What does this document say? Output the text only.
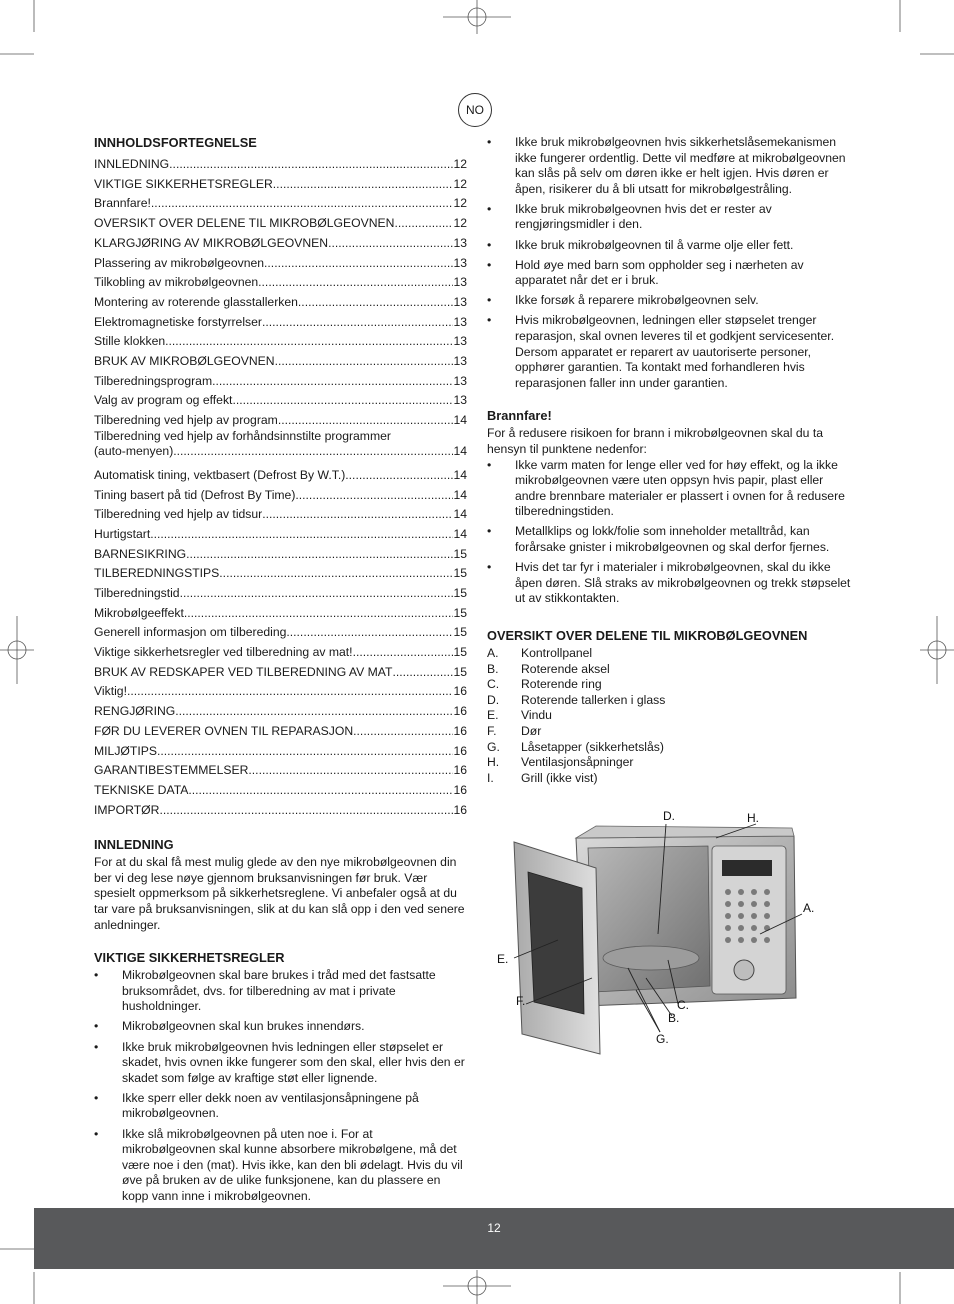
NO
INNHOLDSFORTEGNELSE
INNLEDNING .....	12
VIKTIGE SIKKERHETSREGLER .....	12
Brannfare! .....	12
OVERSIKT OVER DELENE TIL MIKROBØLGEOVNEN .....	12
KLARGJØRING AV MIKROBØLGEOVNEN .....	13
Plassering av mikrobølgeovnen .....	13
Tilkobling av mikrobølgeovnen .....	13
Montering av roterende glasstallerken .....	13
Elektromagnetiske forstyrrelser .....	13
Stille klokken .....	13
BRUK AV MIKROBØLGEOVNEN .....	13
Tilberedningsprogram .....	13
Valg av program og effekt .....	13
Tilberedning ved hjelp av program .....	14
Tilberedning ved hjelp av forhåndsinnstilte programmer
(auto-menyen) .....	14
Automatisk tining, vektbasert (Defrost By W.T.) .....	14
Tining basert på tid (Defrost By Time) .....	14
Tilberedning ved hjelp av tidsur .....	14
Hurtigstart .....	14
BARNESIKRING .....	15
TILBEREDNINGSTIPS .....	15
Tilberedningstid .....	15
Mikrobølgeeffekt .....	15
Generell informasjon om tilbereding .....	15
Viktige sikkerhetsregler ved tilberedning av mat! .....	15
BRUK AV REDSKAPER VED TILBEREDNING AV MAT .....	15
Viktig! .....	16
RENGJØRING .....	16
FØR DU LEVERER OVNEN TIL REPARASJON .....	16
MILJØTIPS .....	16
GARANTIBESTEMMELSER .....	16
TEKNISKE DATA .....	16
IMPORTØR .....	16
INNLEDNING

For at du skal få mest mulig glede av den nye mikrobølgeovnen din ber vi deg lese nøye gjennom bruksanvisningen før bruk. Vær spesielt oppmerksom på sikkerhetsreglene. Vi anbefaler også at du tar vare på bruksanvisningen, slik at du kan slå opp i den ved senere anledninger.

VIKTIGE SIKKERHETSREGLER
• Mikrobølgeovnen skal bare brukes i tråd med det fastsatte bruksområdet, dvs. for tilberedning av mat i private husholdninger.
• Mikrobølgeovnen skal kun brukes innendørs.
• Ikke bruk mikrobølgeovnen hvis ledningen eller støpselet er skadet, hvis ovnen ikke fungerer som den skal, eller hvis den er skadet som følge av kraftige støt eller lignende.
• Ikke sperr eller dekk noen av ventilasjonsåpningene på mikrobølgeovnen.
• Ikke slå mikrobølgeovnen på uten noe i. For at mikrobølgeovnen skal kunne absorbere mikrobølgene, må det være noe i den (mat). Hvis ikke, kan den bli ødelagt. Hvis du vil øve på bruken av de ulike funksjonene, kan du plassere en kopp vann inne i mikrobølgeovnen.
• Ikke bruk mikrobølgeovnen hvis sikkerhetslåsemekanismen ikke fungerer ordentlig. Dette vil medføre at mikrobølgeovnen kan slås på selv om døren ikke er helt igjen. Hvis døren er åpen, risikerer du å bli utsatt for mikrobølgestråling.
• Ikke bruk mikrobølgeovnen hvis det er rester av rengjøringsmidler i den.
• Ikke bruk mikrobølgeovnen til å varme olje eller fett.
• Hold øye med barn som oppholder seg i nærheten av apparatet når det er i bruk.
• Ikke forsøk å reparere mikrobølgeovnen selv.
• Hvis mikrobølgeovnen, ledningen eller støpselet trenger reparasjon, skal ovnen leveres til et godkjent servicesenter. Dersom apparatet er reparert av uautoriserte personer, opphører garantien. Ta kontakt med forhandleren hvis reparasjonen faller inn under garantien.
Brannfare!

For å redusere risikoen for brann i mikrobølgeovnen skal du ta hensyn til punktene nedenfor:

• Ikke varm maten for lenge eller ved for høy effekt, og la ikke mikrobølgeovnen være uten oppsyn hvis papir, plast eller andre brennbare materialer er plassert i ovnen for å redusere tilberedningstiden.
• Metallklips og lokk/folie som inneholder metalltråd, kan forårsake gnister i mikrobølgeovnen og skal derfor fjernes.
• Hvis det tar fyr i materialer i mikrobølgeovnen, skal du ikke åpen døren. Slå straks av mikrobølgeovnen og trekk støpselet ut av stikkontakten.
OVERSIKT OVER DELENE TIL MIKROBØLGEOVNEN
A.	Kontrollpanel
B.	Roterende aksel
C.	Roterende ring
D.	Roterende tallerken i glass
E.	Vindu
F.	Dør
G.	Låsetapper (sikkerhetslås)
H.	Ventilasjonsåpninger
I.	Grill (ikke vist)
D.	H.
A.
E.
F.	C.
B.
G.
12
